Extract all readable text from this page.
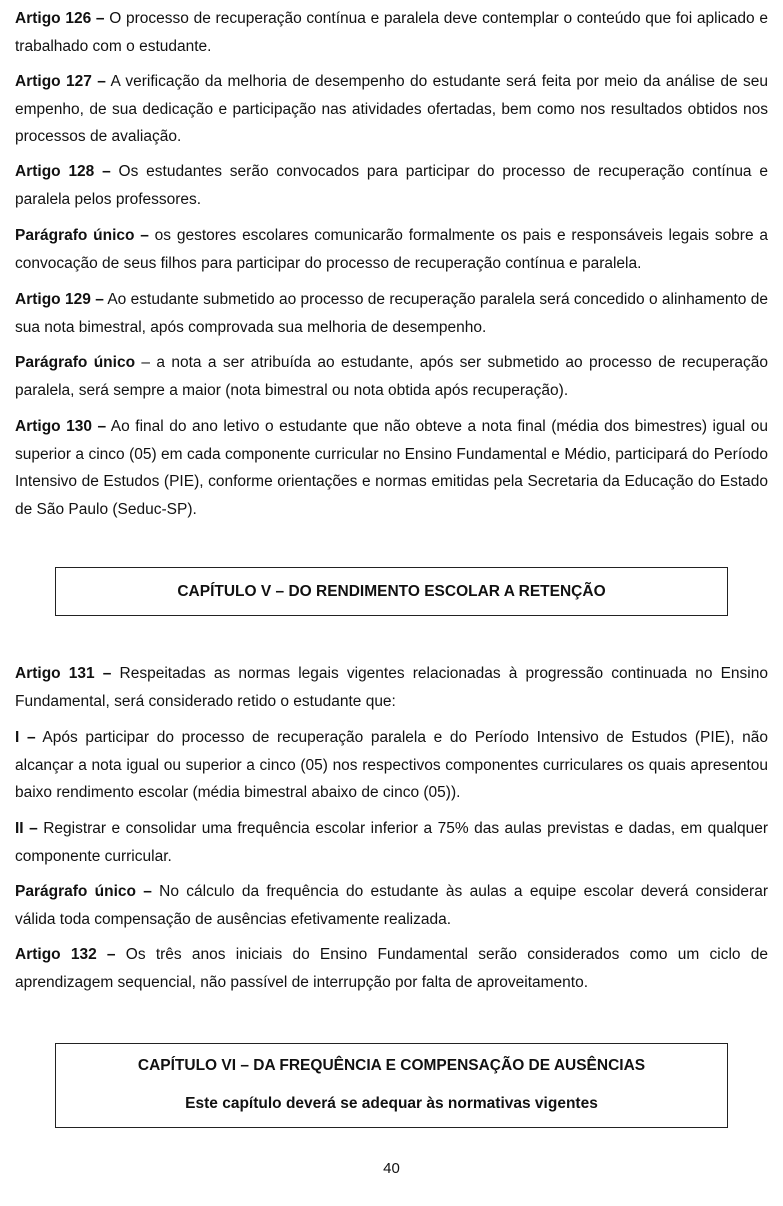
Artigo 126 – O processo de recuperação contínua e paralela deve contemplar o conteúdo que foi aplicado e trabalhado com o estudante.

Artigo 127 – A verificação da melhoria de desempenho do estudante será feita por meio da análise de seu empenho, de sua dedicação e participação nas atividades ofertadas, bem como nos resultados obtidos nos processos de avaliação.

Artigo 128 – Os estudantes serão convocados para participar do processo de recuperação contínua e paralela pelos professores.

Parágrafo único – os gestores escolares comunicarão formalmente os pais e responsáveis legais sobre a convocação de seus filhos para participar do processo de recuperação contínua e paralela.

Artigo 129 – Ao estudante submetido ao processo de recuperação paralela será concedido o alinhamento de sua nota bimestral, após comprovada sua melhoria de desempenho.

Parágrafo único – a nota a ser atribuída ao estudante, após ser submetido ao processo de recuperação paralela, será sempre a maior (nota bimestral ou nota obtida após recuperação).

Artigo 130 – Ao final do ano letivo o estudante que não obteve a nota final (média dos bimestres) igual ou superior a cinco (05) em cada componente curricular no Ensino Fundamental e Médio, participará do Período Intensivo de Estudos (PIE), conforme orientações e normas emitidas pela Secretaria da Educação do Estado de São Paulo (Seduc-SP).

CAPÍTULO V – DO RENDIMENTO ESCOLAR A RETENÇÃO

Artigo 131 – Respeitadas as normas legais vigentes relacionadas à progressão continuada no Ensino Fundamental, será considerado retido o estudante que:

I – Após participar do processo de recuperação paralela e do Período Intensivo de Estudos (PIE), não alcançar a nota igual ou superior a cinco (05) nos respectivos componentes curriculares os quais apresentou baixo rendimento escolar (média bimestral abaixo de cinco (05)).

II – Registrar e consolidar uma frequência escolar inferior a 75% das aulas previstas e dadas, em qualquer componente curricular.

Parágrafo único – No cálculo da frequência do estudante às aulas a equipe escolar deverá considerar válida toda compensação de ausências efetivamente realizada.

Artigo 132 – Os três anos iniciais do Ensino Fundamental serão considerados como um ciclo de aprendizagem sequencial, não passível de interrupção por falta de aproveitamento.

CAPÍTULO VI – DA FREQUÊNCIA E COMPENSAÇÃO DE AUSÊNCIAS
Este capítulo deverá se adequar às normativas vigentes
40
